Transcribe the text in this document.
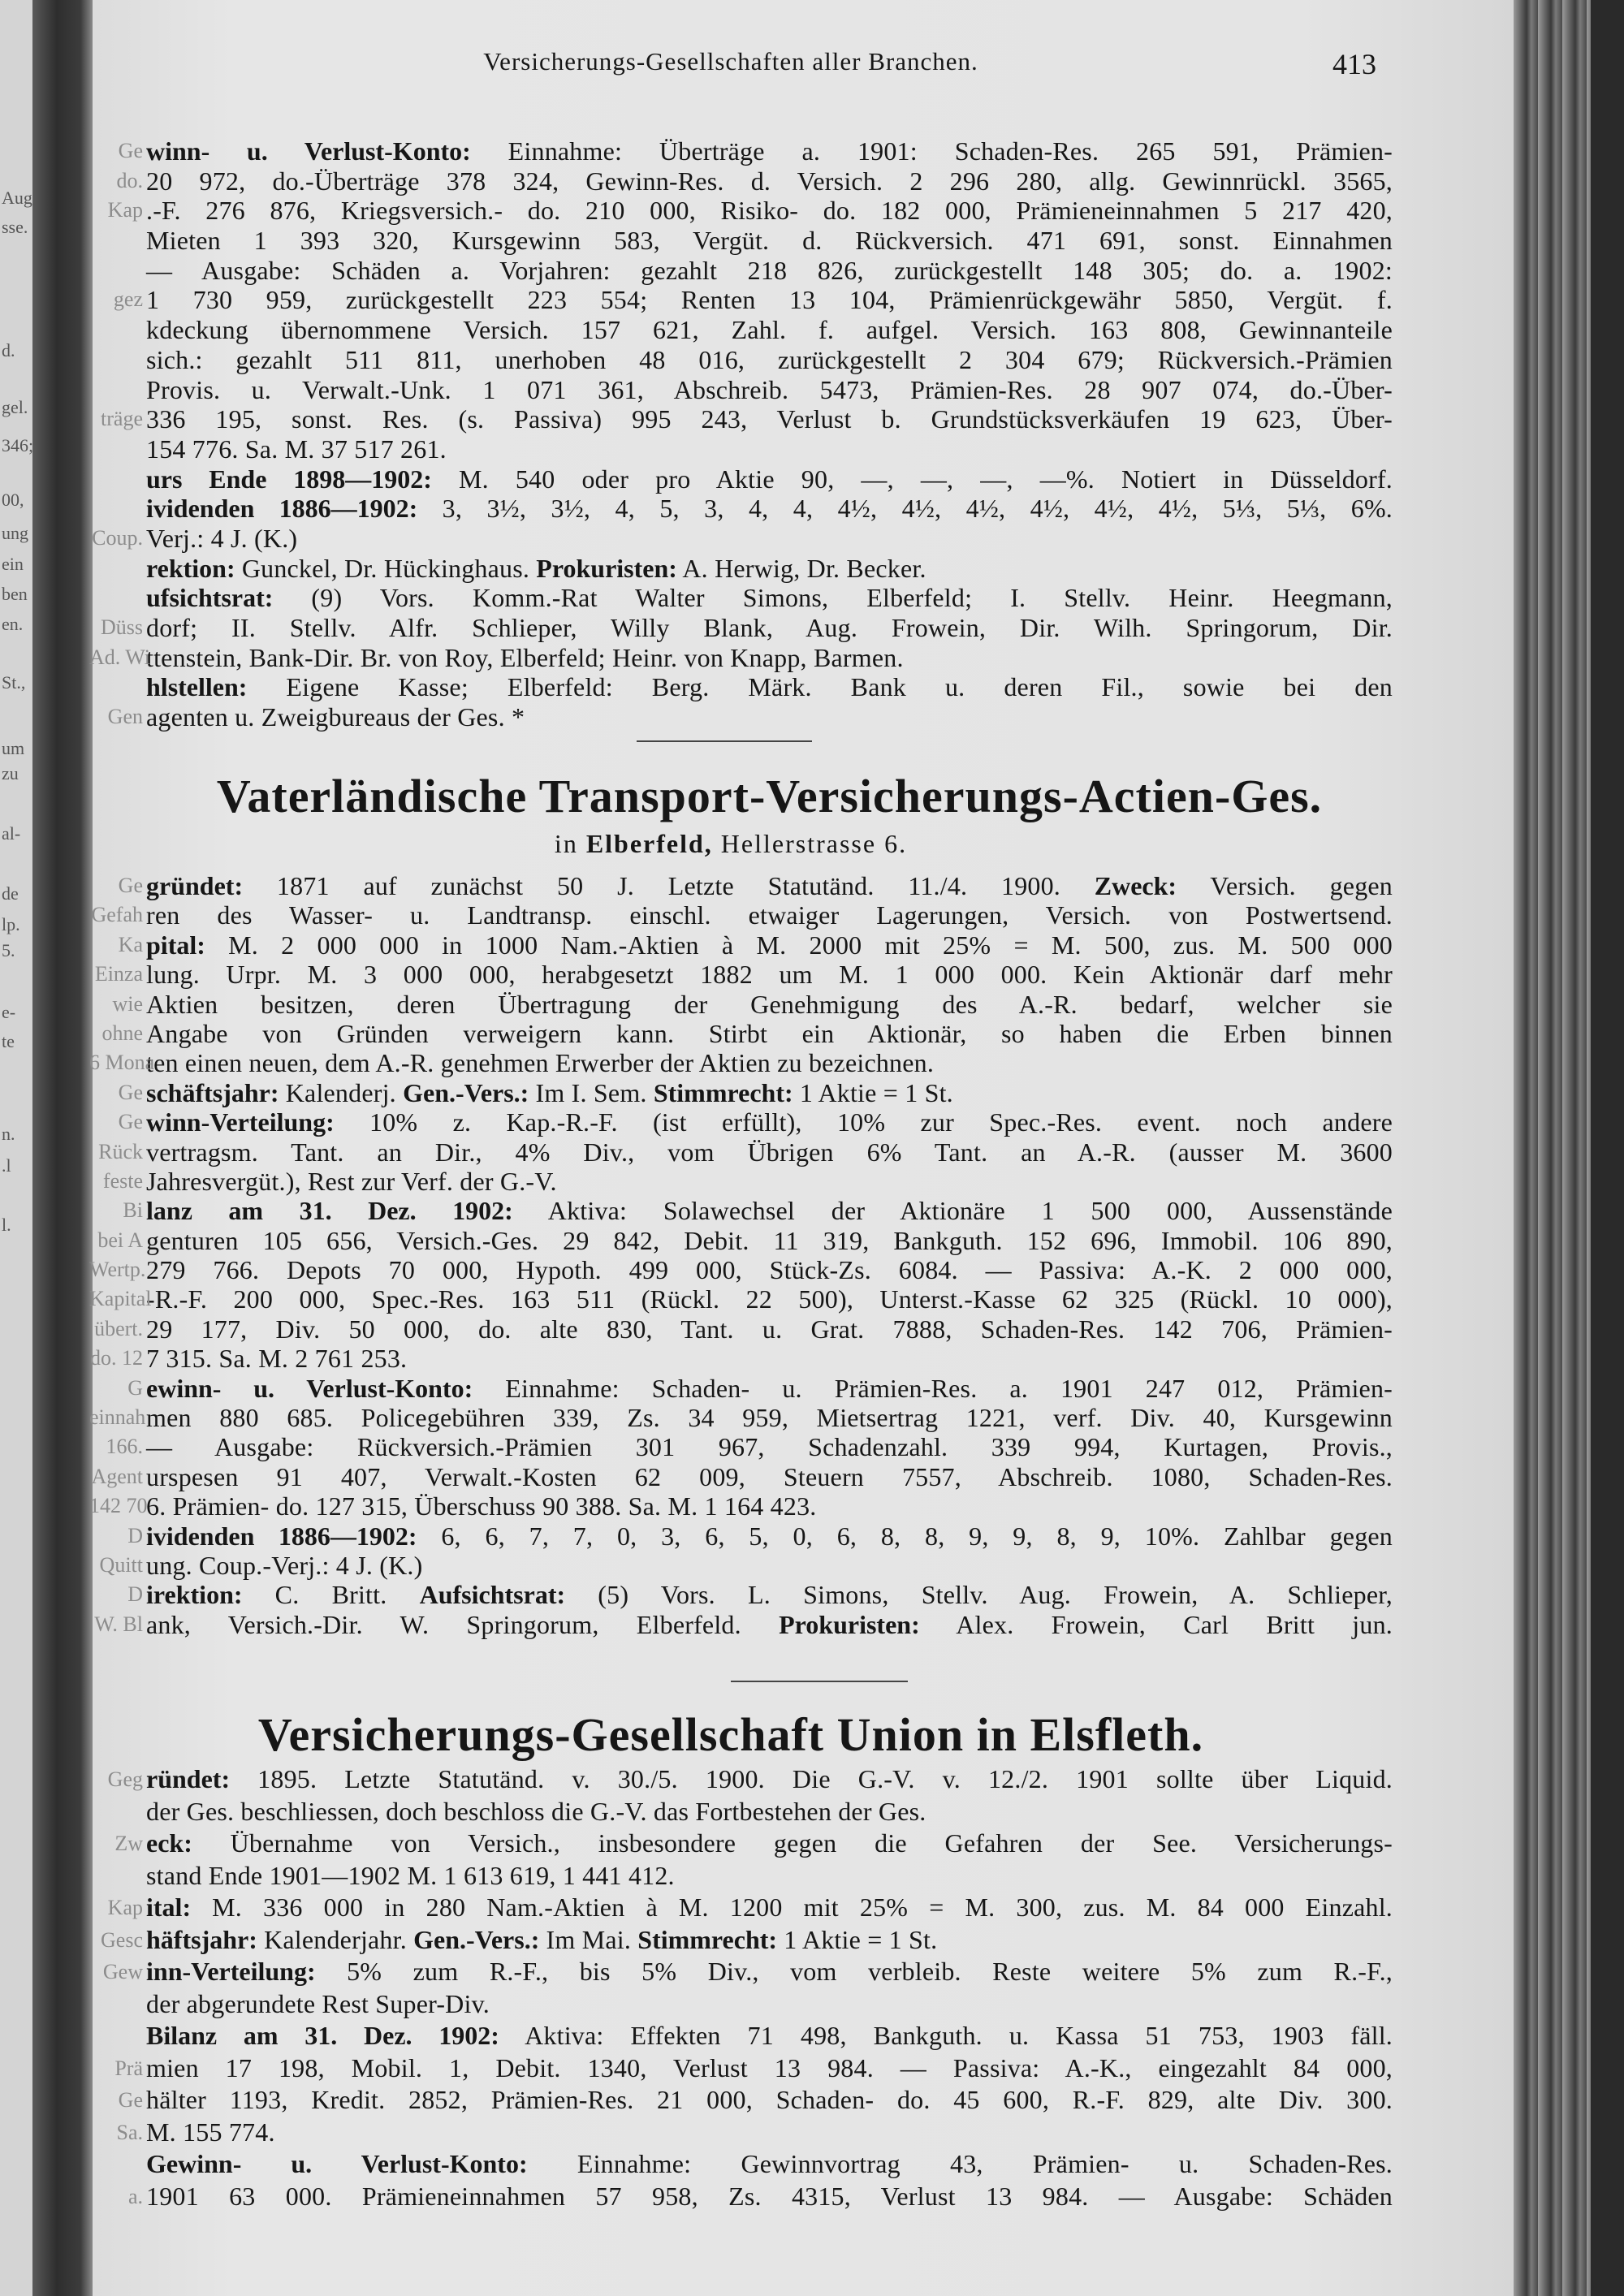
Aug
sse.
d.
gel.
346;
00,
ung
ein
ben
en.
St.,
um
zu
al-
de
lp.
5.
e-
te
n.
.l
l.
Versicherungs-Gesellschaften aller Branchen.	413
Ge winn- u. Verlust-Konto: Einnahme: Überträge a. 1901: Schaden-Res. 265 591, Prämien-
do. 20 972, do.-Überträge 378 324, Gewinn-Res. d. Versich. 2 296 280, allg. Gewinnrückl. 3565,
Kap .-F. 276 876, Kriegsversich.- do. 210 000, Risiko- do. 182 000, Prämieneinnahmen 5 217 420,
Mieten 1 393 320, Kursgewinn 583, Vergüt. d. Rückversich. 471 691, sonst. Einnahmen
— Ausgabe: Schäden a. Vorjahren: gezahlt 218 826, zurückgestellt 148 305; do. a. 1902:
gez 1 730 959, zurückgestellt 223 554; Renten 13 104, Prämienrückgewähr 5850, Vergüt. f.
kdeckung übernommene Versich. 157 621, Zahl. f. aufgel. Versich. 163 808, Gewinnanteile
sich.: gezahlt 511 811, unerhoben 48 016, zurückgestellt 2 304 679; Rückversich.-Prämien
Provis. u. Verwalt.-Unk. 1 071 361, Abschreib. 5473, Prämien-Res. 28 907 074, do.-Über-
träge 336 195, sonst. Res. (s. Passiva) 995 243, Verlust b. Grundstücksverkäufen 19 623, Über-
154 776. Sa. M. 37 517 261.
urs Ende 1898—1902: M. 540 oder pro Aktie 90, —, —, —, —%. Notiert in Düsseldorf.
ividenden 1886—1902: 3, 3½, 3½, 4, 5, 3, 4, 4, 4½, 4½, 4½, 4½, 4½, 4½, 5⅓, 5⅓, 6%.
Coup. Verj.: 4 J. (K.)
rektion: Gunckel, Dr. Hückinghaus. Prokuristen: A. Herwig, Dr. Becker.
ufsichtsrat: (9) Vors. Komm.-Rat Walter Simons, Elberfeld; I. Stellv. Heinr. Heegmann,
Düss dorf; II. Stellv. Alfr. Schlieper, Willy Blank, Aug. Frowein, Dir. Wilh. Springorum, Dir.
Ad. Wi
ttenstein, Bank-Dir. Br. von Roy, Elberfeld; Heinr. von Knapp, Barmen.
hlstellen: Eigene Kasse; Elberfeld: Berg. Märk. Bank u. deren Fil., sowie bei den
Gen agenten u. Zweigbureaus der Ges. *
Vaterländische Transport-Versicherungs-Actien-Ges.
in Elberfeld, Hellerstrasse 6.
Ge gründet: 1871 auf zunächst 50 J. Letzte Statutänd. 11./4. 1900. Zweck: Versich. gegen
Gefah ren des Wasser- u. Landtransp. einschl. etwaiger Lagerungen, Versich. von Postwertsend.
Ka pital: M. 2 000 000 in 1000 Nam.-Aktien à M. 2000 mit 25% = M. 500, zus. M. 500 000
Einza lung. Urpr. M. 3 000 000, herabgesetzt 1882 um M. 1 000 000. Kein Aktionär darf mehr
wie Aktien besitzen, deren Übertragung der Genehmigung des A.-R. bedarf, welcher sie
ohne Angabe von Gründen verweigern kann. Stirbt ein Aktionär, so haben die Erben binnen
6 Mona
ten einen neuen, dem A.-R. genehmen Erwerber der Aktien zu bezeichnen.
Ge schäftsjahr: Kalenderj. Gen.-Vers.: Im I. Sem. Stimmrecht: 1 Aktie = 1 St.
Ge winn-Verteilung: 10% z. Kap.-R.-F. (ist erfüllt), 10% zur Spec.-Res. event. noch andere
Rück vertragsm. Tant. an Dir., 4% Div., vom Übrigen 6% Tant. an A.-R. (ausser M. 3600
feste Jahresvergüt.), Rest zur Verf. der G.-V.
Bi lanz am 31. Dez. 1902: Aktiva: Solawechsel der Aktionäre 1 500 000, Aussenstände
bei A genturen 105 656, Versich.-Ges. 29 842, Debit. 11 319, Bankguth. 152 696, Immobil. 106 890,
Wertp. 279 766. Depots 70 000, Hypoth. 499 000, Stück-Zs. 6084. — Passiva: A.-K. 2 000 000,
Kapital
-R.-F. 200 000, Spec.-Res. 163 511 (Rückl. 22 500), Unterst.-Kasse 62 325 (Rückl. 10 000),
übert. 29 177, Div. 50 000, do. alte 830, Tant. u. Grat. 7888, Schaden-Res. 142 706, Prämien-
do. 12 7 315. Sa. M. 2 761 253.
G ewinn- u. Verlust-Konto: Einnahme: Schaden- u. Prämien-Res. a. 1901 247 012, Prämien-
einnah men 880 685. Policegebühren 339, Zs. 34 959, Mietsertrag 1221, verf. Div. 40, Kursgewinn
166. — Ausgabe: Rückversich.-Prämien 301 967, Schadenzahl. 339 994, Kurtagen, Provis.,
Agent urspesen 91 407, Verwalt.-Kosten 62 009, Steuern 7557, Abschreib. 1080, Schaden-Res.
142 70
6. Prämien- do. 127 315, Überschuss 90 388. Sa. M. 1 164 423.
D ividenden 1886—1902: 6, 6, 7, 7, 0, 3, 6, 5, 0, 6, 8, 8, 9, 9, 8, 9, 10%. Zahlbar gegen
Quitt ung. Coup.-Verj.: 4 J. (K.)
D irektion: C. Britt. Aufsichtsrat: (5) Vors. L. Simons, Stellv. Aug. Frowein, A. Schlieper,
W. Bl ank, Versich.-Dir. W. Springorum, Elberfeld. Prokuristen: Alex. Frowein, Carl Britt jun.
Versicherungs-Gesellschaft Union in Elsfleth.
Geg ründet: 1895. Letzte Statutänd. v. 30./5. 1900. Die G.-V. v. 12./2. 1901 sollte über Liquid.
der Ges. beschliessen, doch beschloss die G.-V. das Fortbestehen der Ges.
Zw eck: Übernahme von Versich., insbesondere gegen die Gefahren der See. Versicherungs-
stand Ende 1901—1902 M. 1 613 619, 1 441 412.
Kap ital: M. 336 000 in 280 Nam.-Aktien à M. 1200 mit 25% = M. 300, zus. M. 84 000 Einzahl.
Gesc häftsjahr: Kalenderjahr. Gen.-Vers.: Im Mai. Stimmrecht: 1 Aktie = 1 St.
Gew inn-Verteilung: 5% zum R.-F., bis 5% Div., vom verbleib. Reste weitere 5% zum R.-F.,
der abgerundete Rest Super-Div.
Bilanz am 31. Dez. 1902: Aktiva: Effekten 71 498, Bankguth. u. Kassa 51 753, 1903 fäll.
Prä mien 17 198, Mobil. 1, Debit. 1340, Verlust 13 984. — Passiva: A.-K., eingezahlt 84 000,
Ge hälter 1193, Kredit. 2852, Prämien-Res. 21 000, Schaden- do. 45 600, R.-F. 829, alte Div. 300.
Sa. M. 155 774.
Gewinn- u. Verlust-Konto: Einnahme: Gewinnvortrag 43, Prämien- u. Schaden-Res.
a. 1901 63 000. Prämieneinnahmen 57 958, Zs. 4315, Verlust 13 984. — Ausgabe: Schäden
